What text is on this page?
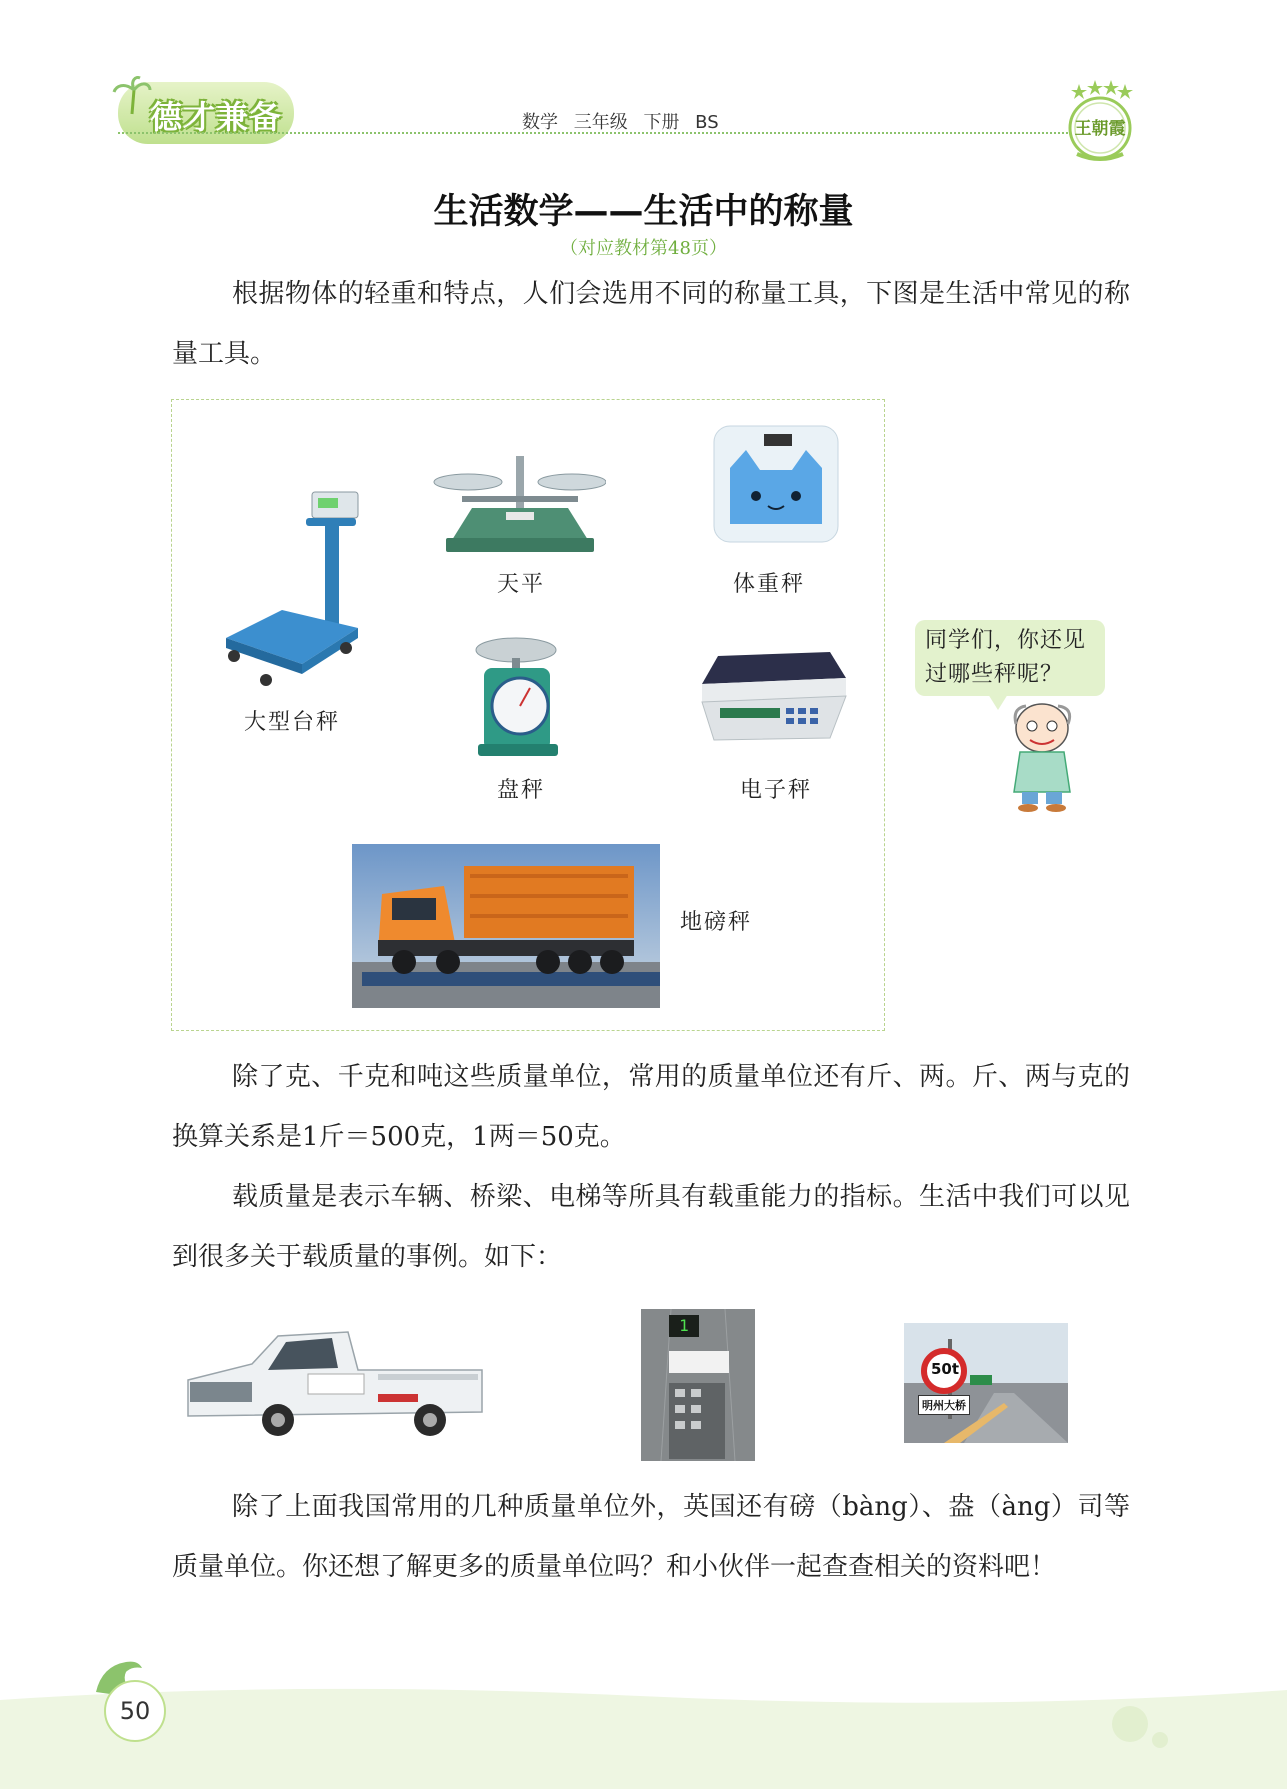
德才兼备	数学 三年级 下册 BS	王朝霞
生活数学——生活中的称量
（对应教材第48页）
根据物体的轻重和特点，人们会选用不同的称量工具，下图是生活中常见的称量工具。
大型台秤
天平	体重秤
盘秤	电子秤
地磅秤
同学们，你还见过哪些秤呢？
除了克、千克和吨这些质量单位，常用的质量单位还有斤、两。斤、两与克的换算关系是1斤＝500克，1两＝50克。
载质量是表示车辆、桥梁、电梯等所具有载重能力的指标。生活中我们可以见到很多关于载质量的事例。如下：
1
50t
明州大桥
除了上面我国常用的几种质量单位外，英国还有磅（bàng）、盎（àng）司等质量单位。你还想了解更多的质量单位吗？和小伙伴一起查查相关的资料吧！
50
